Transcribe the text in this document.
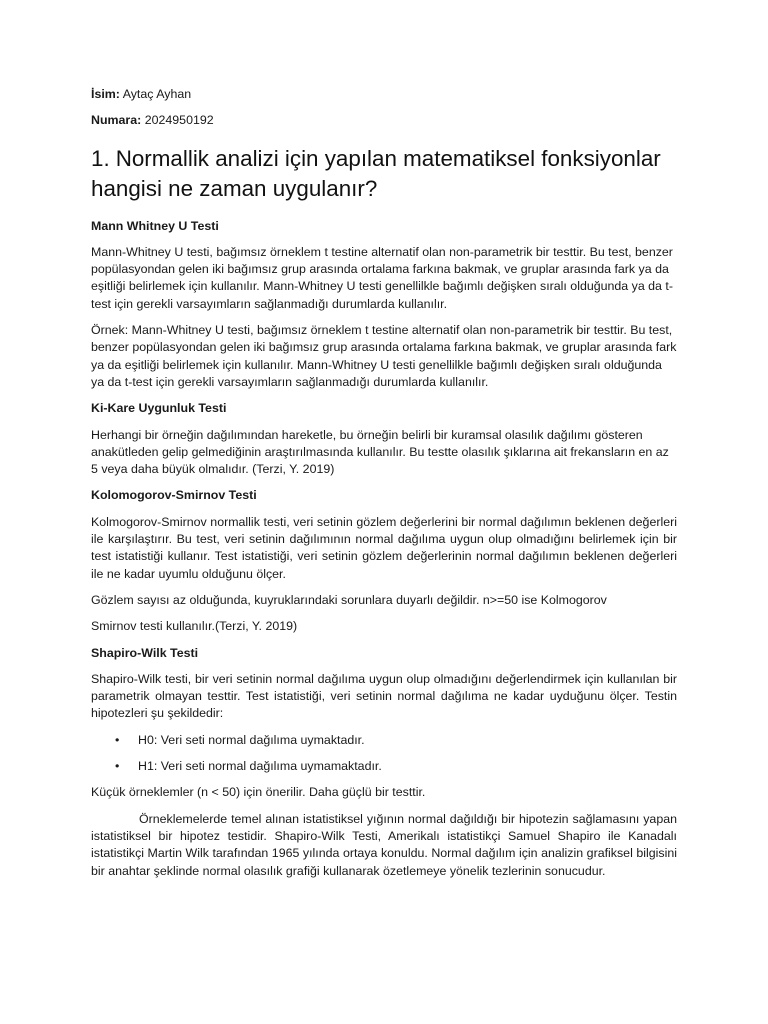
İsim: Aytaç Ayhan

Numara: 2024950192

1. Normallik analizi için yapılan matematiksel fonksiyonlar hangisi ne zaman uygulanır?

Mann Whitney U Testi

Mann-Whitney U testi, bağımsız örneklem t testine alternatif olan non-parametrik bir testtir. Bu test, benzer popülasyondan gelen iki bağımsız grup arasında ortalama farkına bakmak, ve gruplar arasında fark ya da eşitliği belirlemek için kullanılır. Mann-Whitney U testi genellilkle bağımlı değişken sıralı olduğunda ya da t-test için gerekli varsayımların sağlanmadığı durumlarda kullanılır.

Örnek: Mann-Whitney U testi, bağımsız örneklem t testine alternatif olan non-parametrik bir testtir. Bu test, benzer popülasyondan gelen iki bağımsız grup arasında ortalama farkına bakmak, ve gruplar arasında fark ya da eşitliği belirlemek için kullanılır. Mann-Whitney U testi genellilkle bağımlı değişken sıralı olduğunda ya da t-test için gerekli varsayımların sağlanmadığı durumlarda kullanılır.

Ki-Kare Uygunluk Testi

Herhangi bir örneğin dağılımından hareketle, bu örneğin belirli bir kuramsal olasılık dağılımı gösteren anakütleden gelip gelmediğinin araştırılmasında kullanılır. Bu testte olasılık şıklarına ait frekansların en az 5 veya daha büyük olmalıdır. (Terzi, Y. 2019)

Kolomogorov-Smirnov Testi

Kolmogorov-Smirnov normallik testi, veri setinin gözlem değerlerini bir normal dağılımın beklenen değerleri ile karşılaştırır. Bu test, veri setinin dağılımının normal dağılıma uygun olup olmadığını belirlemek için bir test istatistiği kullanır. Test istatistiği, veri setinin gözlem değerlerinin normal dağılımın beklenen değerleri ile ne kadar uyumlu olduğunu ölçer.

Gözlem sayısı az olduğunda, kuyruklarındaki sorunlara duyarlı değildir. n>=50 ise Kolmogorov

Smirnov testi kullanılır.(Terzi, Y. 2019)

Shapiro-Wilk Testi

Shapiro-Wilk testi, bir veri setinin normal dağılıma uygun olup olmadığını değerlendirmek için kullanılan bir parametrik olmayan testtir. Test istatistiği, veri setinin normal dağılıma ne kadar uyduğunu ölçer. Testin hipotezleri şu şekildedir:

• H0: Veri seti normal dağılıma uymaktadır.
• H1: Veri seti normal dağılıma uymamaktadır.

Küçük örneklemler (n < 50) için önerilir. Daha güçlü bir testtir.

Örneklemelerde temel alınan istatistiksel yığının normal dağıldığı bir hipotezin sağlamasını yapan istatistiksel bir hipotez testidir. Shapiro-Wilk Testi, Amerikalı istatistikçi Samuel Shapiro ile Kanadalı istatistikçi Martin Wilk tarafından 1965 yılında ortaya konuldu. Normal dağılım için analizin grafiksel bilgisini bir anahtar şeklinde normal olasılık grafiği kullanarak özetlemeye yönelik tezlerinin sonucudur.
